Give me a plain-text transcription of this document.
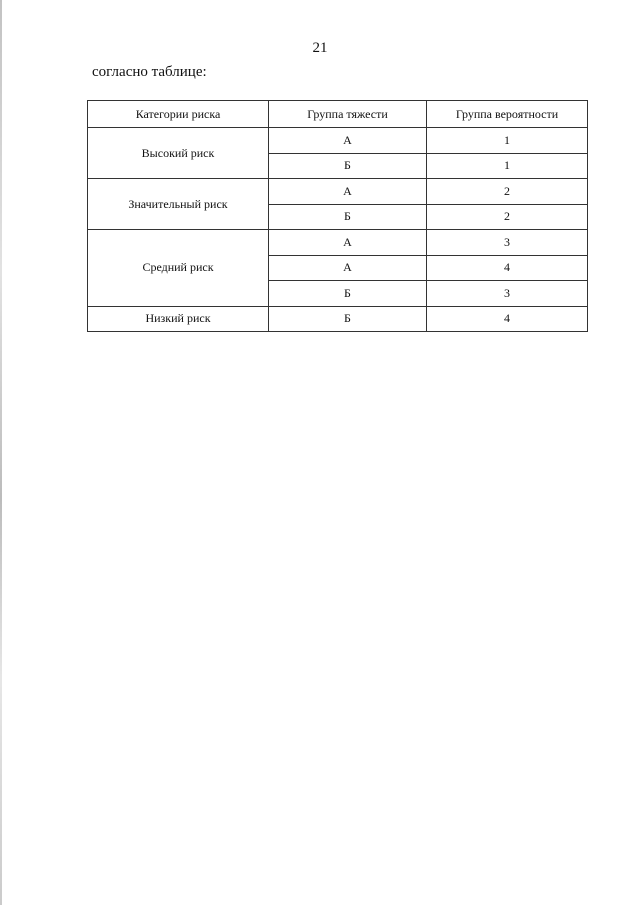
21
согласно таблице:
Категории риска	Группа тяжести	Группа вероятности
Высокий риск	А	1
	Б	1
Значительный риск	А	2
	Б	2
Средний риск	А	3
	А	4
	Б	3
Низкий риск	Б	4
